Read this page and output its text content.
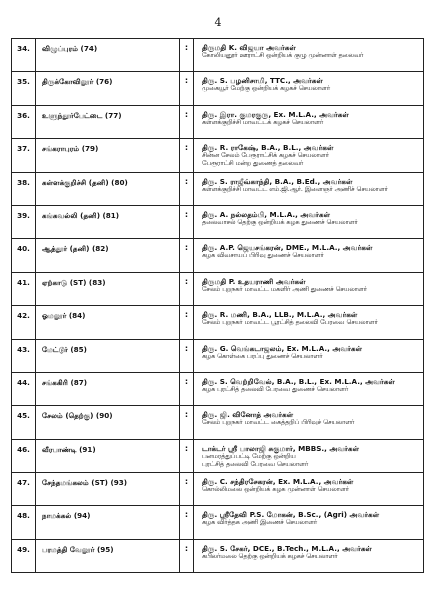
4
34.	விழுப்புரம் (74)	:	திருமதி K. விஜயா அவர்கள்
கோலியனூர் ஊராட்சி ஒன்றியக் குழு முன்னாள் தலைவர்
35.	திருக்கோவிலூர் (76)	:	திரு. S. பழனிசாமி, TTC., அவர்கள்
முகையூர் மேற்கு ஒன்றியக் கழகச் செயலாளர்
36.	உளுந்தூர்பேட்டை (77)	:	திரு. இரா. குமரகுரு, Ex. M.L.A., அவர்கள்
கள்ளக்குறிச்சி மாவட்டக் கழகச் செயலாளர்
37.	சங்கராபுரம் (79)	:	திரு. R. ராகேஷ், B.A., B.L., அவர்கள்
சின்ன சேலம் பேரூராட்சிக் கழகச் செயலாளர்
பேரூராட்சி மன்ற துணைத் தலைவர்
38.	கள்ளக்குறிச்சி (தனி) (80)	:	திரு. S. ராஜீவ்காந்தி, B.A., B.Ed., அவர்கள்
கள்ளக்குறிச்சி மாவட்ட எம்.ஜி.ஆர். இளைஞர் அணிச் செயலாளர்
39.	கங்கவல்லி (தனி) (81)	:	திரு. A. நல்லதம்பி, M.L.A., அவர்கள்
தலைவாசல் தெற்கு ஒன்றியக் கழக துணைச் செயலாளர்
40.	ஆத்தூர் (தனி) (82)	:	திரு. A.P. ஜெயசங்கரன், DME., M.L.A., அவர்கள்
கழக விவசாயப் பிரிவு துணைச் செயலாளர்
41.	ஏற்காடு (ST) (83)	:	திருமதி P. உதயராணி அவர்கள்
சேலம் புறநகர் மாவட்ட மகளிர் அணி துணைச் செயலாளர்
42.	ஓமலூர் (84)	:	திரு. R. மணி, B.A., LLB., M.L.A., அவர்கள்
சேலம் புறநகர் மாவட்ட பூரட்சித் தலைவி பேரவை செயலாளர்
43.	மேட்டூர் (85)	:	திரு. G. வெங்கடாஜலம், Ex. M.L.A., அவர்கள்
கழக கொள்கை பரப்பு துணைச் செயலாளர்
44.	சங்ககிரி (87)	:	திரு. S. வெற்றிவேல், B.A., B.L., Ex. M.L.A., அவர்கள்
கழக புரட்சித் தலைவி பேரவை துணைச் செயலாளர்
45.	சேலம் (தெற்கு) (90)	:	திரு. ஜி. வினோத் அவர்கள்
சேலம் புறநகர் மாவட்ட கைத்தறிப் பிரிவுச் செயலாளர்
46.	வீரபாண்டி (91)	:	டாக்டர் ஸ்ரீ பாலாஜி சுகுமார், MBBS., அவர்கள்
பனமரத்துப்பட்டி மேற்கு ஒன்றிய
புரட்சித் தலைவி பேரவை செயலாளர்
47.	சேந்தமங்கலம் (ST) (93)	:	திரு. C. சந்திரசேகரன், Ex. M.L.A., அவர்கள்
கொல்லிமலை ஒன்றியக் கழக முன்னாள் செயலாளர்
48.	நாமக்கல் (94)	:	திரு. ஸ்ரீதேவி P.S. மோகன், B.Sc., (Agri) அவர்கள்
கழக விர்த்தக அணி இணைச் செயலாளர்
49.	பரமத்தி வேலூர் (95)	:	திரு. S. சேகர், DCE., B.Tech., M.L.A., அவர்கள்
கபிலர்மலை தெற்கு ஒன்றியக் கழகச் செயலாளர்
